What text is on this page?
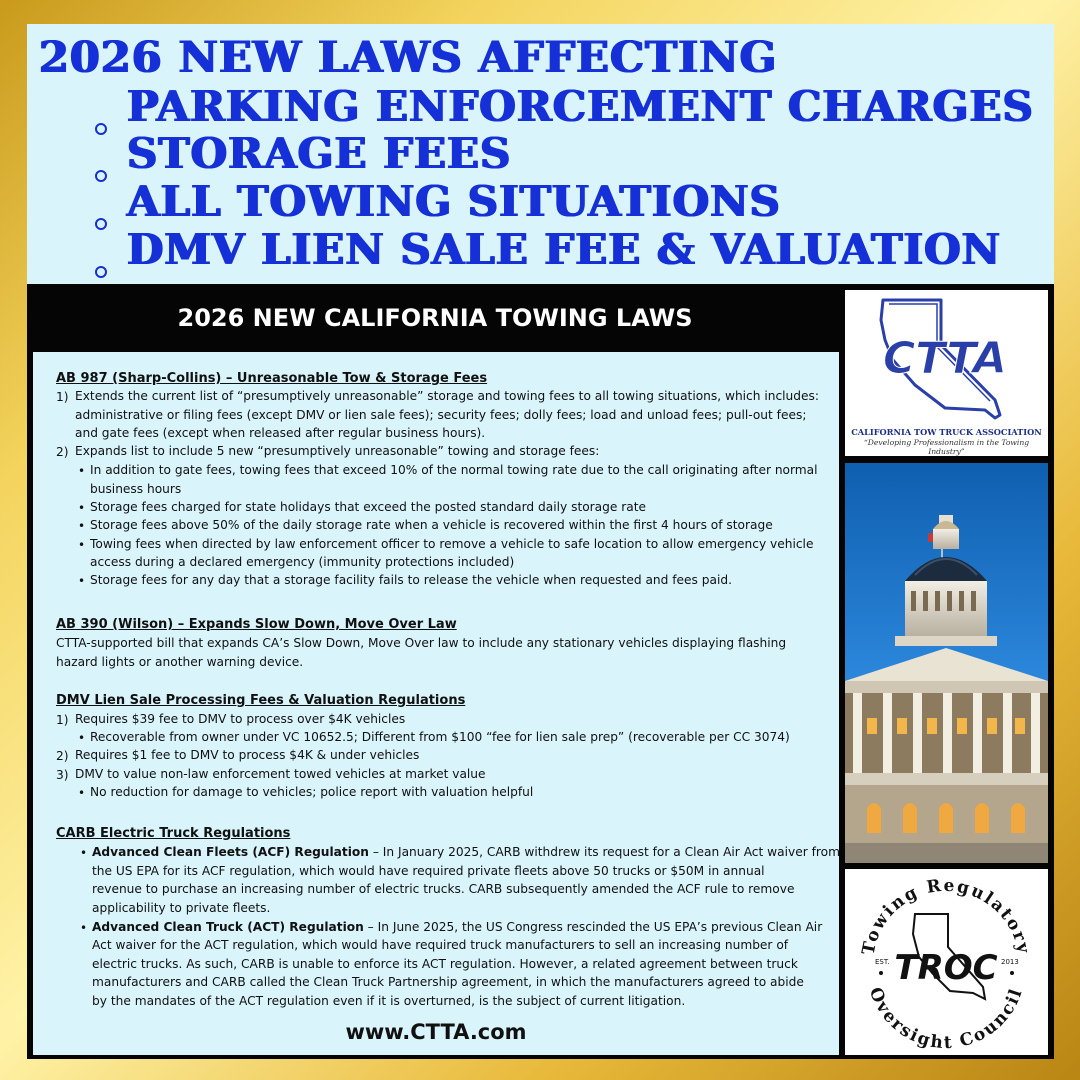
2026 NEW LAWS AFFECTING
PARKING ENFORCEMENT CHARGES
STORAGE FEES
ALL TOWING SITUATIONS
DMV LIEN SALE FEE & VALUATION
2026 NEW CALIFORNIA TOWING LAWS
AB 987 (Sharp-Collins) – Unreasonable Tow & Storage Fees
1) Extends the current list of “presumptively unreasonable” storage and towing fees to all towing situations, which includes:
administrative or filing fees (except DMV or lien sale fees); security fees; dolly fees; load and unload fees; pull-out fees;
and gate fees (except when released after regular business hours).
2) Expands list to include 5 new “presumptively unreasonable” towing and storage fees:
• In addition to gate fees, towing fees that exceed 10% of the normal towing rate due to the call originating after normal
business hours
• Storage fees charged for state holidays that exceed the posted standard daily storage rate
• Storage fees above 50% of the daily storage rate when a vehicle is recovered within the first 4 hours of storage
• Towing fees when directed by law enforcement officer to remove a vehicle to safe location to allow emergency vehicle
access during a declared emergency (immunity protections included)
• Storage fees for any day that a storage facility fails to release the vehicle when requested and fees paid.
AB 390 (Wilson) – Expands Slow Down, Move Over Law
CTTA-supported bill that expands CA’s Slow Down, Move Over law to include any stationary vehicles displaying flashing
hazard lights or another warning device.
DMV Lien Sale Processing Fees & Valuation Regulations
1) Requires $39 fee to DMV to process over $4K vehicles
• Recoverable from owner under VC 10652.5; Different from $100 “fee for lien sale prep” (recoverable per CC 3074)
2) Requires $1 fee to DMV to process $4K & under vehicles
3) DMV to value non-law enforcement towed vehicles at market value
• No reduction for damage to vehicles; police report with valuation helpful
CARB Electric Truck Regulations
• Advanced Clean Fleets (ACF) Regulation – In January 2025, CARB withdrew its request for a Clean Air Act waiver from
the US EPA for its ACF regulation, which would have required private fleets above 50 trucks or $50M in annual
revenue to purchase an increasing number of electric trucks. CARB subsequently amended the ACF rule to remove
applicability to private fleets.
• Advanced Clean Truck (ACT) Regulation – In June 2025, the US Congress rescinded the US EPA’s previous Clean Air
Act waiver for the ACT regulation, which would have required truck manufacturers to sell an increasing number of
electric trucks. As such, CARB is unable to enforce its ACT regulation. However, a related agreement between truck
manufacturers and CARB called the Clean Truck Partnership agreement, in which the manufacturers agreed to abide
by the mandates of the ACT regulation even if it is overturned, is the subject of current litigation.
www.CTTA.com
CTTA
CALIFORNIA TOW TRUCK ASSOCIATION
“Developing Professionalism in the Towing Industry”
Towing Regulatory
Oversight Council
TROC
EST.	2013
